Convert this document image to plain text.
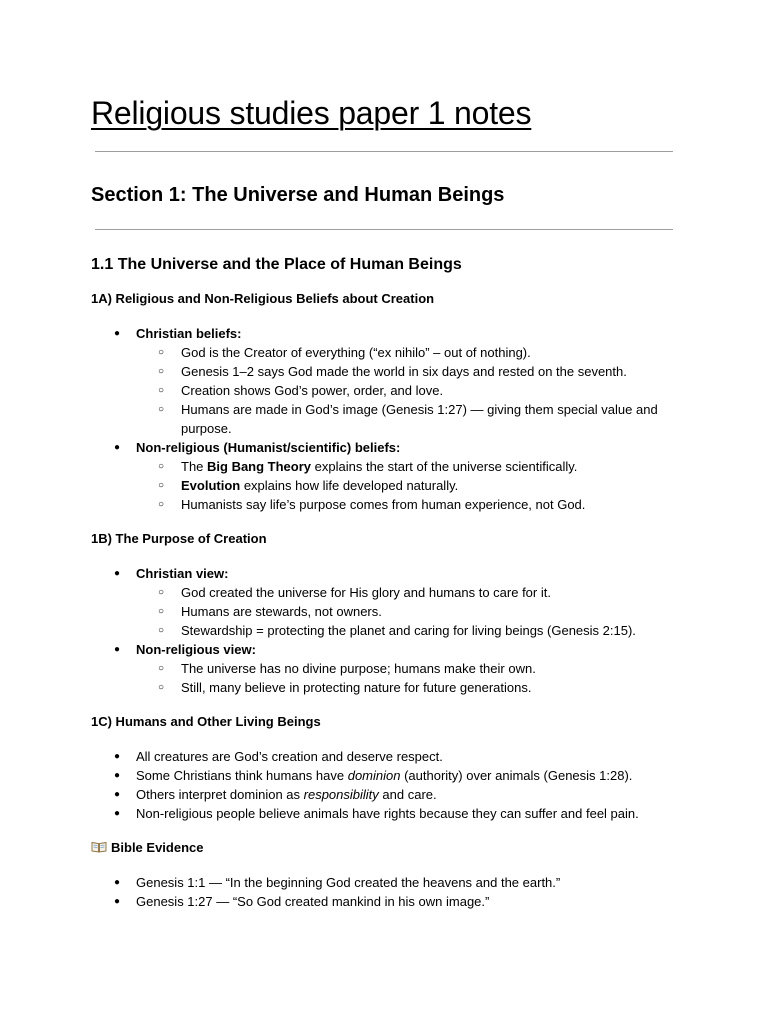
Religious studies paper 1 notes
Section 1: The Universe and Human Beings
1.1 The Universe and the Place of Human Beings
1A) Religious and Non-Religious Beliefs about Creation
● Christian beliefs:
○ God is the Creator of everything (“ex nihilo” – out of nothing).
○ Genesis 1–2 says God made the world in six days and rested on the seventh.
○ Creation shows God’s power, order, and love.
○ Humans are made in God’s image (Genesis 1:27) — giving them special value and purpose.
● Non-religious (Humanist/scientific) beliefs:
○ The Big Bang Theory explains the start of the universe scientifically.
○ Evolution explains how life developed naturally.
○ Humanists say life’s purpose comes from human experience, not God.
1B) The Purpose of Creation
● Christian view:
○ God created the universe for His glory and humans to care for it.
○ Humans are stewards, not owners.
○ Stewardship = protecting the planet and caring for living beings (Genesis 2:15).
● Non-religious view:
○ The universe has no divine purpose; humans make their own.
○ Still, many believe in protecting nature for future generations.
1C) Humans and Other Living Beings
● All creatures are God’s creation and deserve respect.
● Some Christians think humans have dominion (authority) over animals (Genesis 1:28).
● Others interpret dominion as responsibility and care.
● Non-religious people believe animals have rights because they can suffer and feel pain.
Bible Evidence
● Genesis 1:1 — “In the beginning God created the heavens and the earth.”
● Genesis 1:27 — “So God created mankind in his own image.”
